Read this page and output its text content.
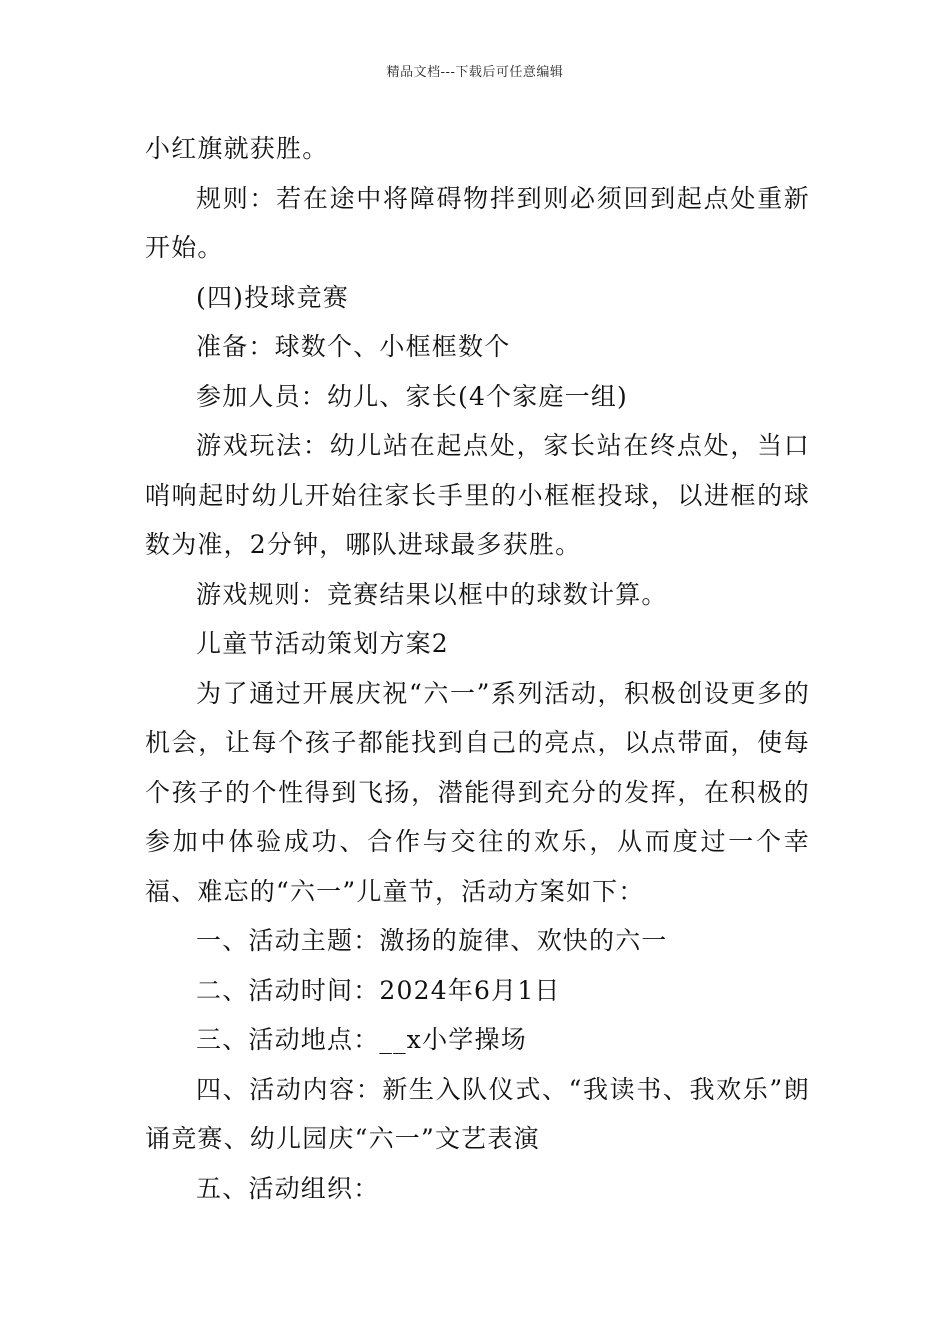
精品文档---下载后可任意编辑

小红旗就获胜。

规则：若在途中将障碍物拌到则必须回到起点处重新开始。

(四)投球竞赛

准备：球数个、小框框数个

参加人员：幼儿、家长(4个家庭一组)

游戏玩法：幼儿站在起点处，家长站在终点处，当口哨响起时幼儿开始往家长手里的小框框投球，以进框的球数为准，2分钟，哪队进球最多获胜。

游戏规则：竞赛结果以框中的球数计算。

儿童节活动策划方案2

为了通过开展庆祝“六一”系列活动，积极创设更多的机会，让每个孩子都能找到自己的亮点，以点带面，使每个孩子的个性得到飞扬，潜能得到充分的发挥，在积极的参加中体验成功、合作与交往的欢乐，从而度过一个幸福、难忘的“六一”儿童节，活动方案如下：

一、活动主题：激扬的旋律、欢快的六一

二、活动时间：2024年6月1日

三、活动地点：__x小学操场

四、活动内容：新生入队仪式、“我读书、我欢乐”朗诵竞赛、幼儿园庆“六一”文艺表演

五、活动组织：
